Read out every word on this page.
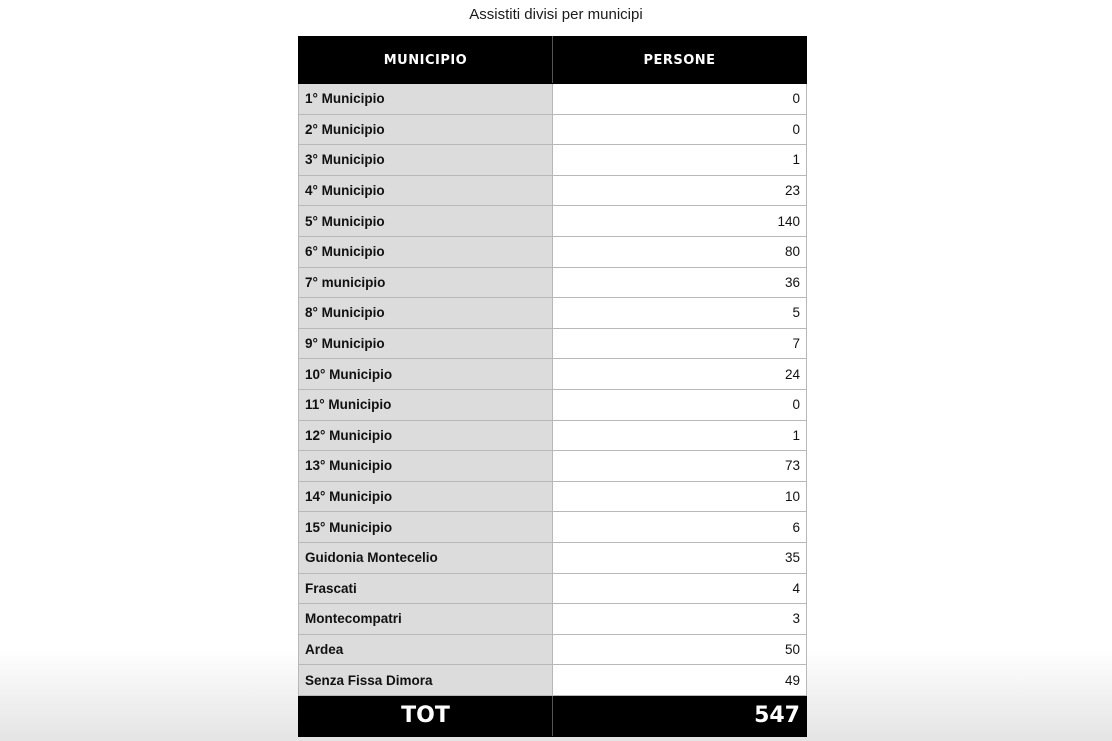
Assistiti divisi per municipi
MUNICIPIO	PERSONE
1° Municipio	0
2° Municipio	0
3° Municipio	1
4° Municipio	23
5° Municipio	140
6° Municipio	80
7° municipio	36
8° Municipio	5
9° Municipio	7
10° Municipio	24
11° Municipio	0
12° Municipio	1
13° Municipio	73
14° Municipio	10
15° Municipio	6
Guidonia Montecelio	35
Frascati	4
Montecompatri	3
Ardea	50
Senza Fissa Dimora	49
TOT	547
